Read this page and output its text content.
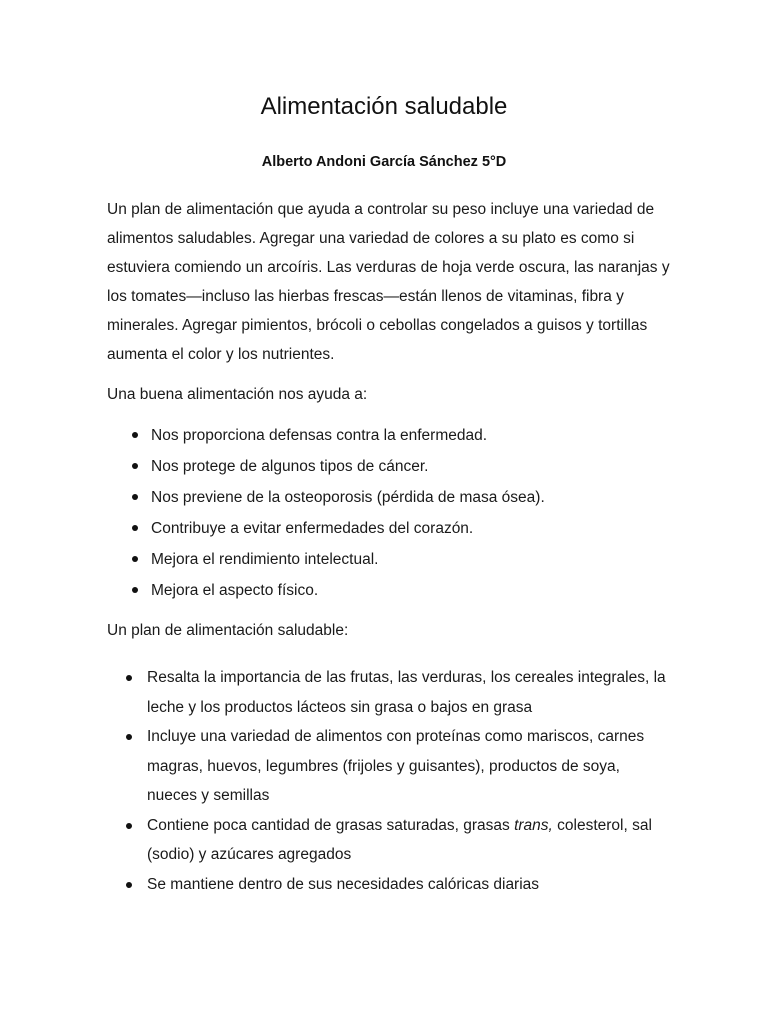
Alimentación saludable
Alberto Andoni García Sánchez 5°D

Un plan de alimentación que ayuda a controlar su peso incluye una variedad de alimentos saludables. Agregar una variedad de colores a su plato es como si estuviera comiendo un arcoíris. Las verduras de hoja verde oscura, las naranjas y los tomates—incluso las hierbas frescas—están llenos de vitaminas, fibra y minerales. Agregar pimientos, brócoli o cebollas congelados a guisos y tortillas aumenta el color y los nutrientes.

Una buena alimentación nos ayuda a:

Nos proporciona defensas contra la enfermedad.
Nos protege de algunos tipos de cáncer.
Nos previene de la osteoporosis (pérdida de masa ósea).
Contribuye a evitar enfermedades del corazón.
Mejora el rendimiento intelectual.
Mejora el aspecto físico.

Un plan de alimentación saludable:

Resalta la importancia de las frutas, las verduras, los cereales integrales, la leche y los productos lácteos sin grasa o bajos en grasa
Incluye una variedad de alimentos con proteínas como mariscos, carnes magras, huevos, legumbres (frijoles y guisantes), productos de soya, nueces y semillas
Contiene poca cantidad de grasas saturadas, grasas trans, colesterol, sal (sodio) y azúcares agregados
Se mantiene dentro de sus necesidades calóricas diarias
